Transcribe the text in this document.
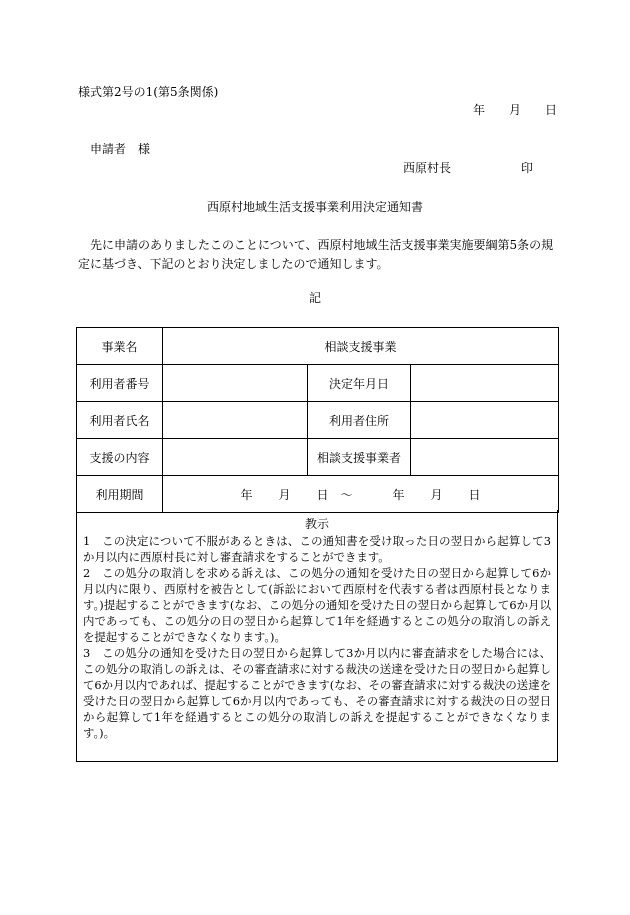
様式第2号の1(第5条関係)
年 月 日
申請者　様
西原村長	印
西原村地域生活支援事業利用決定通知書
先に申請のありましたこのことについて、西原村地域生活支援事業実施要綱第5条の規定に基づき、下記のとおり決定しましたので通知します。
記
事業名	相談支援事業		
利用者番号		決定年月日	
利用者氏名		利用者住所	
支援の内容		相談支援事業者	
利用期間	年 月 日 ～ 年 月 日		
教示

1　この決定について不服があるときは、この通知書を受け取った日の翌日から起算して3か月以内に西原村長に対し審査請求をすることができます。

2　この処分の取消しを求める訴えは、この処分の通知を受けた日の翌日から起算して6か月以内に限り、西原村を被告として(訴訟において西原村を代表する者は西原村長となります。)提起することができます(なお、この処分の通知を受けた日の翌日から起算して6か月以内であっても、この処分の日の翌日から起算して1年を経過するとこの処分の取消しの訴えを提起することができなくなります。)。

3　この処分の通知を受けた日の翌日から起算して3か月以内に審査請求をした場合には、この処分の取消しの訴えは、その審査請求に対する裁決の送達を受けた日の翌日から起算して6か月以内であれば、提起することができます(なお、その審査請求に対する裁決の送達を受けた日の翌日から起算して6か月以内であっても、その審査請求に対する裁決の日の翌日から起算して1年を経過するとこの処分の取消しの訴えを提起することができなくなります。)。
